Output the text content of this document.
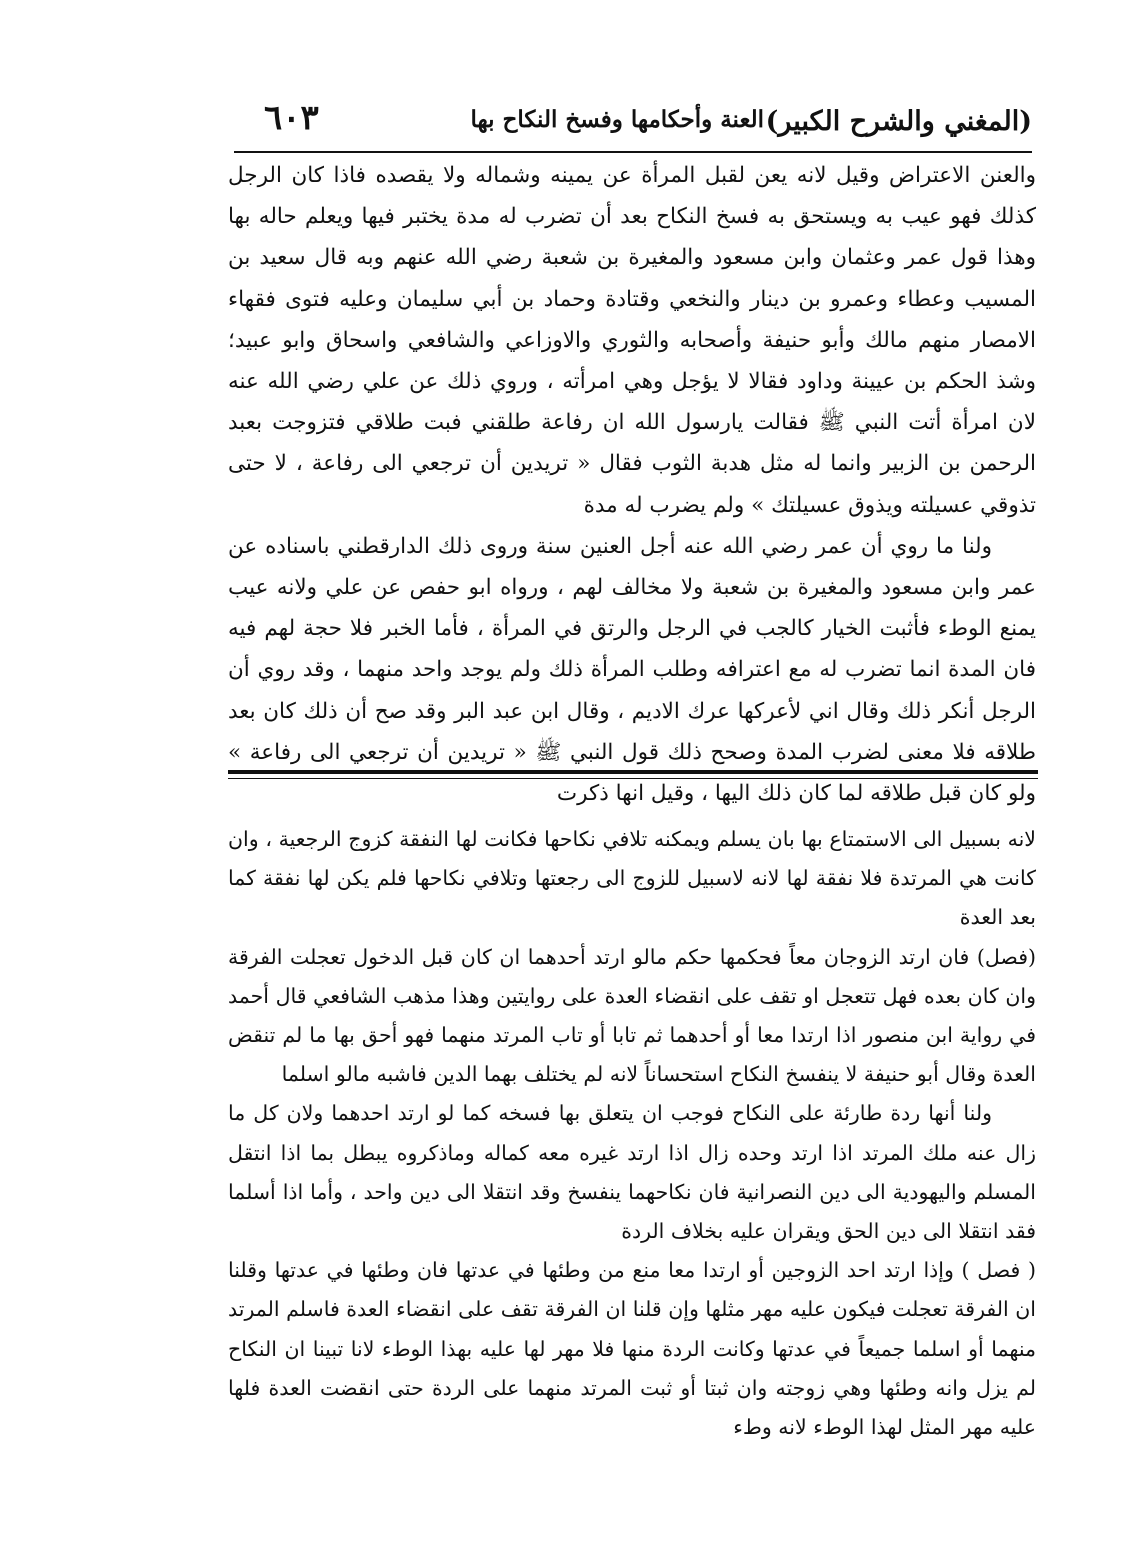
(المغني والشرح الكبير)
العنة وأحكامها وفسخ النكاح بها
٦٠٣

والعنن الاعتراض وقيل لانه يعن لقبل المرأة عن يمينه وشماله ولا يقصده فاذا كان الرجل كذلك فهو عيب به ويستحق به فسخ النكاح بعد أن تضرب له مدة يختبر فيها ويعلم حاله بها وهذا قول عمر وعثمان وابن مسعود والمغيرة بن شعبة رضي الله عنهم وبه قال سعيد بن المسيب وعطاء وعمرو بن دينار والنخعي وقتادة وحماد بن أبي سليمان وعليه فتوى فقهاء الامصار منهم مالك وأبو حنيفة وأصحابه والثوري والاوزاعي والشافعي واسحاق وابو عبيد؛ وشذ الحكم بن عيينة وداود فقالا لا يؤجل وهي امرأته ، وروي ذلك عن علي رضي الله عنه لان امرأة أتت النبي ﷺ فقالت يارسول الله ان رفاعة طلقني فبت طلاقي فتزوجت بعبد الرحمن بن الزبير وانما له مثل هدبة الثوب فقال « تريدين أن ترجعي الى رفاعة ، لا حتى تذوقي عسيلته ويذوق عسيلتك » ولم يضرب له مدة

ولنا ما روي أن عمر رضي الله عنه أجل العنين سنة وروى ذلك الدارقطني باسناده عن عمر وابن مسعود والمغيرة بن شعبة ولا مخالف لهم ، ورواه ابو حفص عن علي ولانه عيب يمنع الوطء فأثبت الخيار كالجب في الرجل والرتق في المرأة ، فأما الخبر فلا حجة لهم فيه فان المدة انما تضرب له مع اعترافه وطلب المرأة ذلك ولم يوجد واحد منهما ، وقد روي أن الرجل أنكر ذلك وقال اني لأعركها عرك الاديم ، وقال ابن عبد البر وقد صح أن ذلك كان بعد طلاقه فلا معنى لضرب المدة وصحح ذلك قول النبي ﷺ « تريدين أن ترجعي الى رفاعة » ولو كان قبل طلاقه لما كان ذلك اليها ، وقيل انها ذكرت

لانه بسبيل الى الاستمتاع بها بان يسلم ويمكنه تلافي نكاحها فكانت لها النفقة كزوج الرجعية ، وان كانت هي المرتدة فلا نفقة لها لانه لاسبيل للزوج الى رجعتها وتلافي نكاحها فلم يكن لها نفقة كما بعد العدة

(فصل) فان ارتد الزوجان معاً فحكمها حكم مالو ارتد أحدهما ان كان قبل الدخول تعجلت الفرقة وان كان بعده فهل تتعجل او تقف على انقضاء العدة على روايتين وهذا مذهب الشافعي قال أحمد في رواية ابن منصور اذا ارتدا معا أو أحدهما ثم تابا أو تاب المرتد منهما فهو أحق بها ما لم تنقض العدة وقال أبو حنيفة لا ينفسخ النكاح استحساناً لانه لم يختلف بهما الدين فاشبه مالو اسلما

ولنا أنها ردة طارئة على النكاح فوجب ان يتعلق بها فسخه كما لو ارتد احدهما ولان كل ما زال عنه ملك المرتد اذا ارتد وحده زال اذا ارتد غيره معه كماله وماذكروه يبطل بما اذا انتقل المسلم واليهودية الى دين النصرانية فان نكاحهما ينفسخ وقد انتقلا الى دين واحد ، وأما اذا أسلما فقد انتقلا الى دين الحق ويقران عليه بخلاف الردة

( فصل ) وإذا ارتد احد الزوجين أو ارتدا معا منع من وطئها في عدتها فان وطئها في عدتها وقلنا ان الفرقة تعجلت فيكون عليه مهر مثلها وإن قلنا ان الفرقة تقف على انقضاء العدة فاسلم المرتد منهما أو اسلما جميعاً في عدتها وكانت الردة منها فلا مهر لها عليه بهذا الوطء لانا تبينا ان النكاح لم يزل وانه وطئها وهي زوجته وان ثبتا أو ثبت المرتد منهما على الردة حتى انقضت العدة فلها عليه مهر المثل لهذا الوطء لانه وطء
